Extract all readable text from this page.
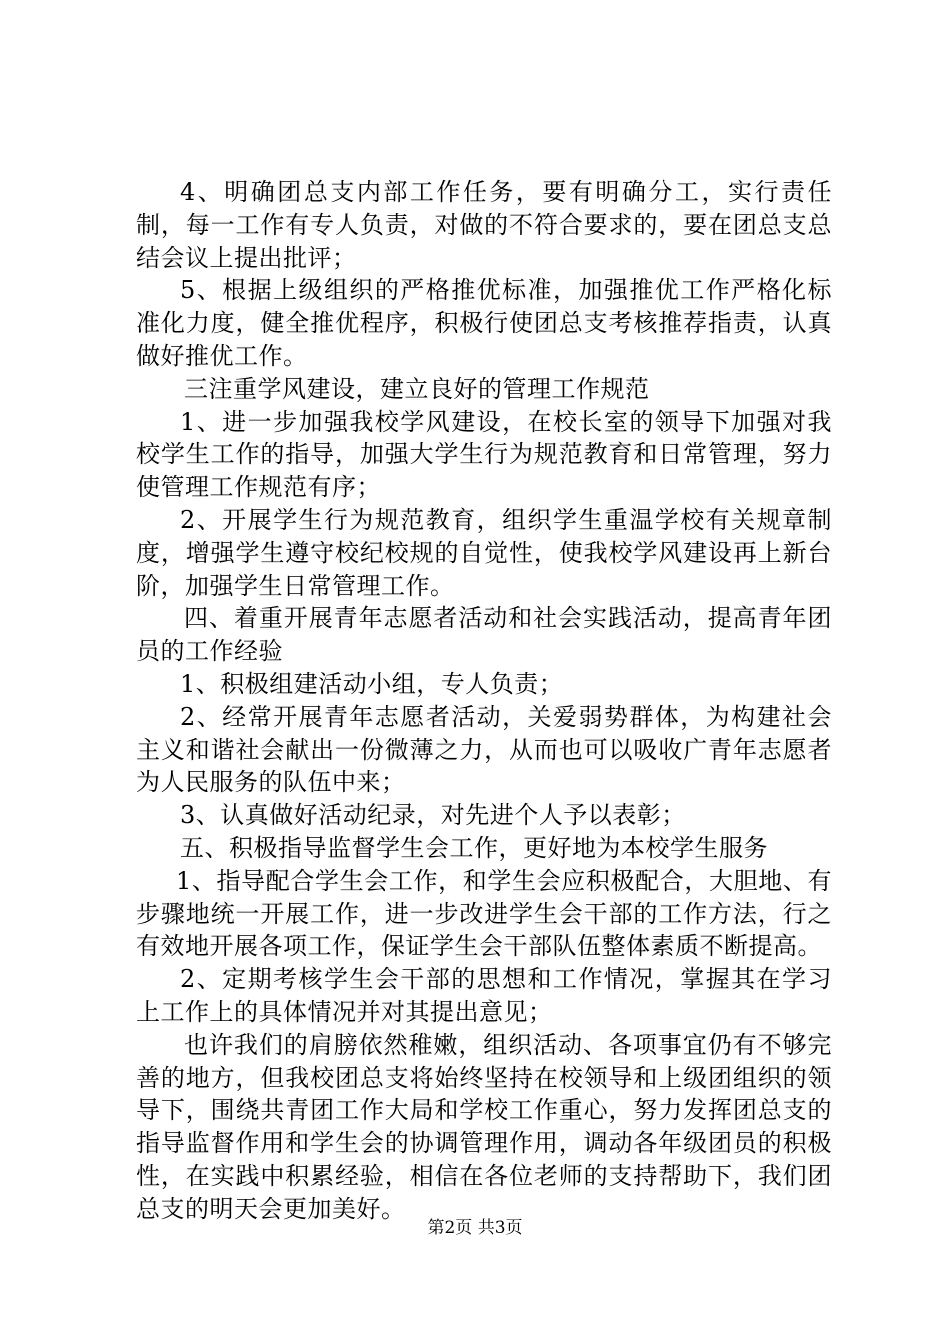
4、明确团总支内部工作任务，要有明确分工，实行责任制，每一工作有专人负责，对做的不符合要求的，要在团总支总结会议上提出批评；

5、根据上级组织的严格推优标准，加强推优工作严格化标准化力度，健全推优程序，积极行使团总支考核推荐指责，认真做好推优工作。

三注重学风建设，建立良好的管理工作规范

1、进一步加强我校学风建设，在校长室的领导下加强对我校学生工作的指导，加强大学生行为规范教育和日常管理，努力使管理工作规范有序；

2、开展学生行为规范教育，组织学生重温学校有关规章制度，增强学生遵守校纪校规的自觉性，使我校学风建设再上新台阶，加强学生日常管理工作。

四、着重开展青年志愿者活动和社会实践活动，提高青年团员的工作经验

1、积极组建活动小组，专人负责；

2、经常开展青年志愿者活动，关爱弱势群体，为构建社会主义和谐社会献出一份微薄之力，从而也可以吸收广青年志愿者为人民服务的队伍中来；

3、认真做好活动纪录，对先进个人予以表彰；

五、积极指导监督学生会工作，更好地为本校学生服务

1、指导配合学生会工作，和学生会应积极配合，大胆地、有步骤地统一开展工作，进一步改进学生会干部的工作方法，行之有效地开展各项工作，保证学生会干部队伍整体素质不断提高。

2、定期考核学生会干部的思想和工作情况，掌握其在学习上工作上的具体情况并对其提出意见；

也许我们的肩膀依然稚嫩，组织活动、各项事宜仍有不够完善的地方，但我校团总支将始终坚持在校领导和上级团组织的领导下，围绕共青团工作大局和学校工作重心，努力发挥团总支的指导监督作用和学生会的协调管理作用，调动各年级团员的积极性，在实践中积累经验，相信在各位老师的支持帮助下，我们团总支的明天会更加美好。

第2页 共3页
